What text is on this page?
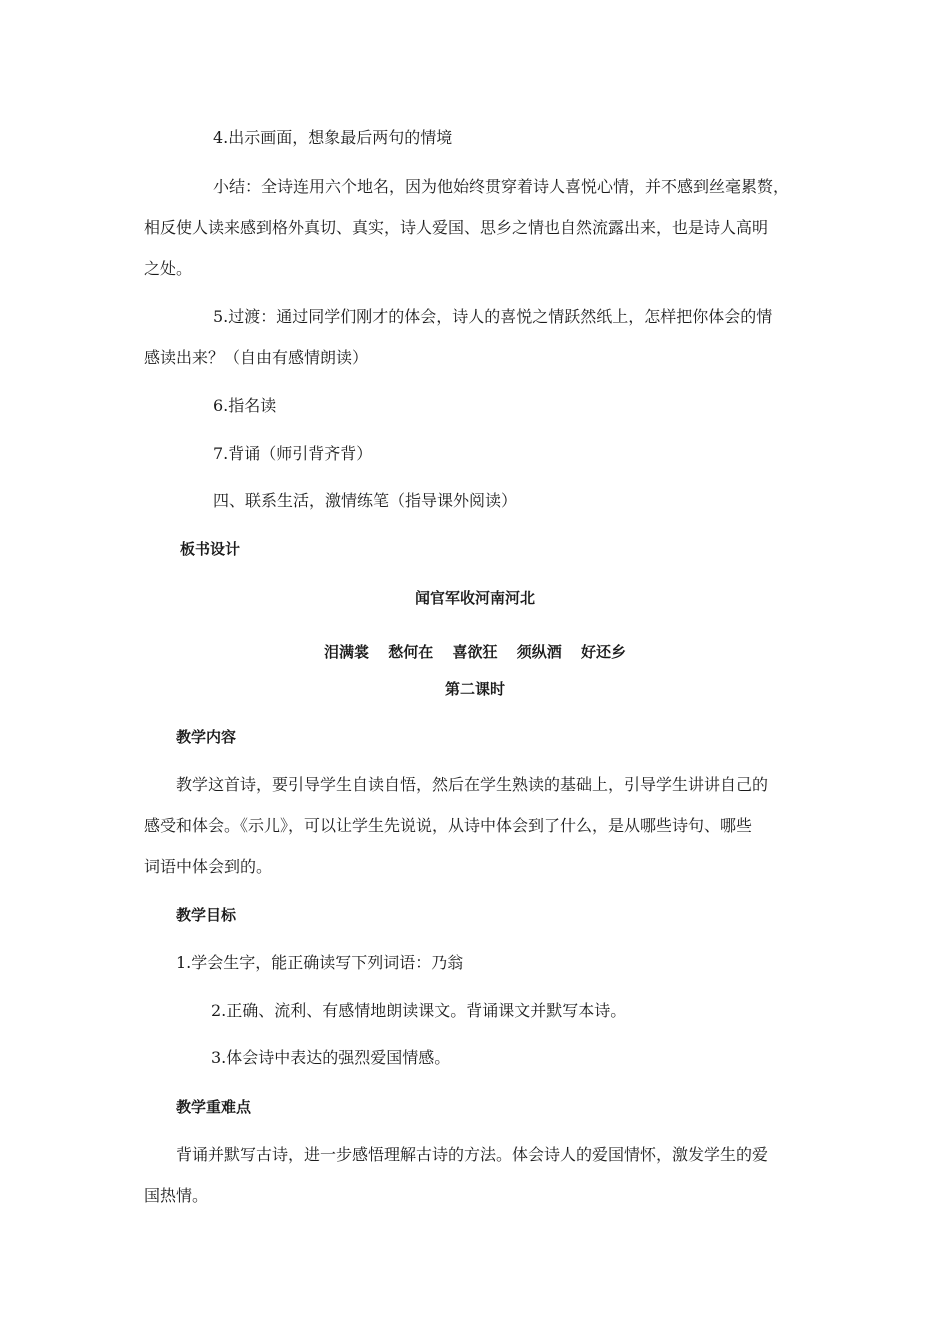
4.出示画面，想象最后两句的情境

小结：全诗连用六个地名，因为他始终贯穿着诗人喜悦心情，并不感到丝毫累赘，

相反使人读来感到格外真切、真实，诗人爱国、思乡之情也自然流露出来，也是诗人高明

之处。

5.过渡：通过同学们刚才的体会，诗人的喜悦之情跃然纸上，怎样把你体会的情

感读出来？（自由有感情朗读）

6.指名读

7.背诵（师引背齐背）

四、联系生活，激情练笔（指导课外阅读）

板书设计

闻官军收河南河北

泪满裳 愁何在 喜欲狂 须纵酒 好还乡

第二课时

教学内容

教学这首诗，要引导学生自读自悟，然后在学生熟读的基础上，引导学生讲讲自己的

感受和体会。《示儿》，可以让学生先说说，从诗中体会到了什么，是从哪些诗句、哪些

词语中体会到的。

教学目标

1.学会生字，能正确读写下列词语：乃翁

2.正确、流利、有感情地朗读课文。背诵课文并默写本诗。

3.体会诗中表达的强烈爱国情感。

教学重难点

背诵并默写古诗，进一步感悟理解古诗的方法。体会诗人的爱国情怀，激发学生的爱

国热情。
